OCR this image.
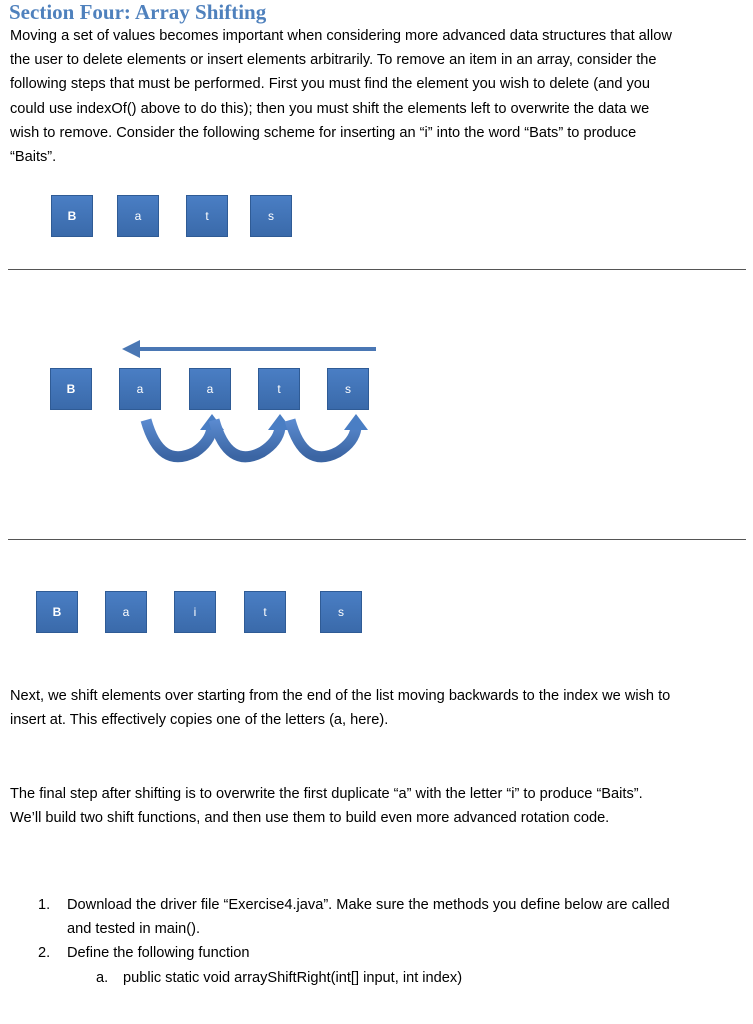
Section Four: Array Shifting
Moving a set of values becomes important when considering more advanced data structures that allow
the user to delete elements or insert elements arbitrarily. To remove an item in an array, consider the
following steps that must be performed. First you must find the element you wish to delete (and you
could use indexOf() above to do this); then you must shift the elements left to overwrite the data we
wish to remove. Consider the following scheme for inserting an “i” into the word “Bats” to produce
“Baits”.
B	a	t	s
B	a	a	t	s
B	a	i	t	s
Next, we shift elements over starting from the end of the list moving backwards to the index we wish to
insert at. This effectively copies one of the letters (a, here).
The final step after shifting is to overwrite the first duplicate “a” with the letter “i” to produce “Baits”.
We’ll build two shift functions, and then use them to build even more advanced rotation code.
1. Download the driver file “Exercise4.java”. Make sure the methods you define below are called
and tested in main().
2. Define the following function
a. public static void arrayShiftRight(int[] input, int index)
